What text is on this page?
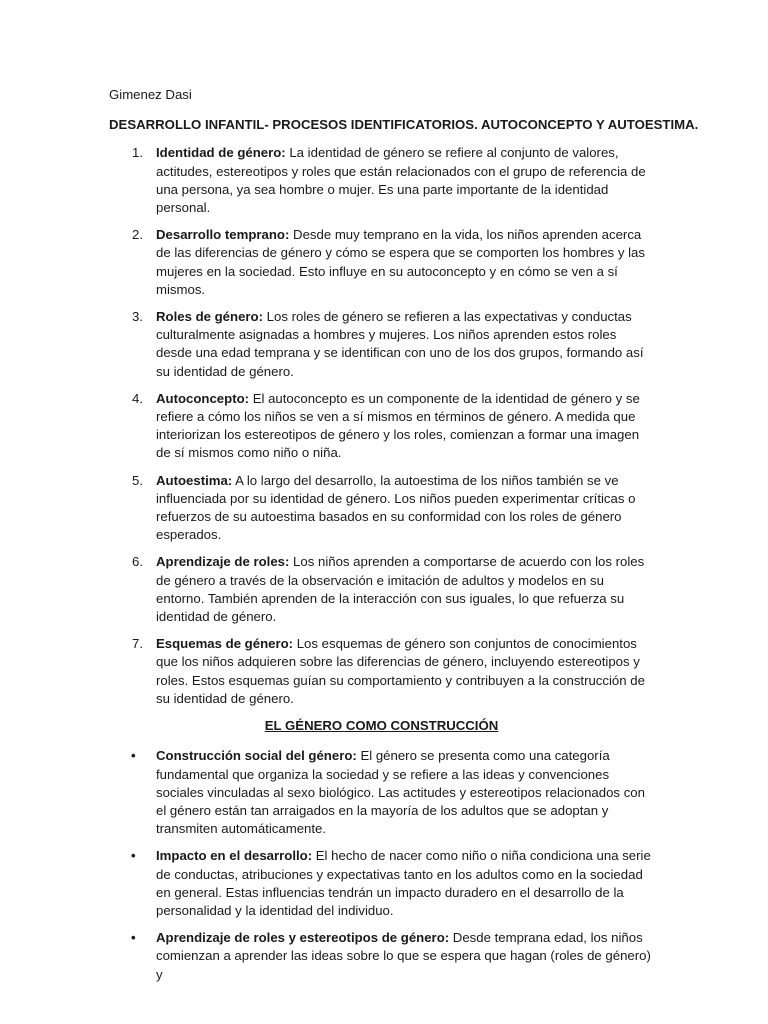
Gimenez Dasi
DESARROLLO INFANTIL- PROCESOS IDENTIFICATORIOS. AUTOCONCEPTO Y AUTOESTIMA.
1. Identidad de género: La identidad de género se refiere al conjunto de valores, actitudes, estereotipos y roles que están relacionados con el grupo de referencia de una persona, ya sea hombre o mujer. Es una parte importante de la identidad personal.
2. Desarrollo temprano: Desde muy temprano en la vida, los niños aprenden acerca de las diferencias de género y cómo se espera que se comporten los hombres y las mujeres en la sociedad. Esto influye en su autoconcepto y en cómo se ven a sí mismos.
3. Roles de género: Los roles de género se refieren a las expectativas y conductas culturalmente asignadas a hombres y mujeres. Los niños aprenden estos roles desde una edad temprana y se identifican con uno de los dos grupos, formando así su identidad de género.
4. Autoconcepto: El autoconcepto es un componente de la identidad de género y se refiere a cómo los niños se ven a sí mismos en términos de género. A medida que interiorizan los estereotipos de género y los roles, comienzan a formar una imagen de sí mismos como niño o niña.
5. Autoestima: A lo largo del desarrollo, la autoestima de los niños también se ve influenciada por su identidad de género. Los niños pueden experimentar críticas o refuerzos de su autoestima basados en su conformidad con los roles de género esperados.
6. Aprendizaje de roles: Los niños aprenden a comportarse de acuerdo con los roles de género a través de la observación e imitación de adultos y modelos en su entorno. También aprenden de la interacción con sus iguales, lo que refuerza su identidad de género.
7. Esquemas de género: Los esquemas de género son conjuntos de conocimientos que los niños adquieren sobre las diferencias de género, incluyendo estereotipos y roles. Estos esquemas guían su comportamiento y contribuyen a la construcción de su identidad de género.
EL GÉNERO COMO CONSTRUCCIÓN
• Construcción social del género: El género se presenta como una categoría fundamental que organiza la sociedad y se refiere a las ideas y convenciones sociales vinculadas al sexo biológico. Las actitudes y estereotipos relacionados con el género están tan arraigados en la mayoría de los adultos que se adoptan y transmiten automáticamente.
• Impacto en el desarrollo: El hecho de nacer como niño o niña condiciona una serie de conductas, atribuciones y expectativas tanto en los adultos como en la sociedad en general. Estas influencias tendrán un impacto duradero en el desarrollo de la personalidad y la identidad del individuo.
• Aprendizaje de roles y estereotipos de género: Desde temprana edad, los niños comienzan a aprender las ideas sobre lo que se espera que hagan (roles de género) y
